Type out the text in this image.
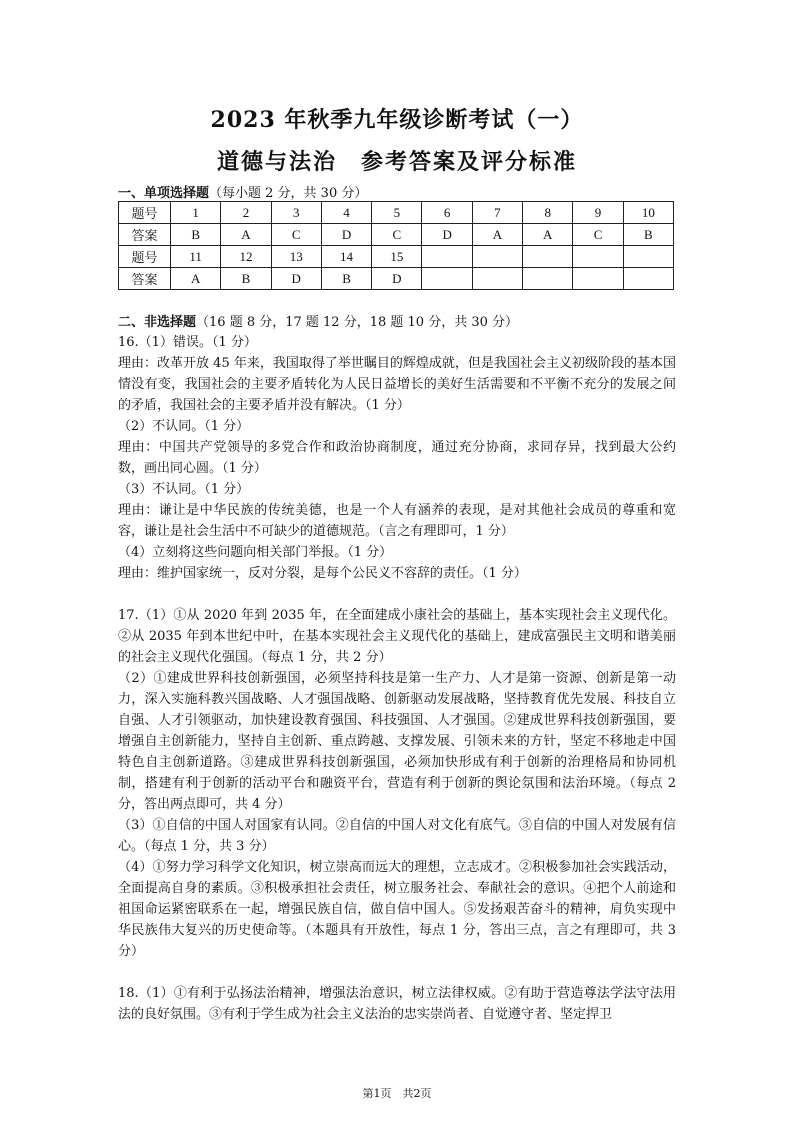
2023 年秋季九年级诊断考试（一）
道德与法治　参考答案及评分标准
一、单项选择题（每小题 2 分，共 30 分）
题号	1	2	3	4	5	6	7	8	9	10
答案	B	A	C	D	C	D	A	A	C	B
题号	11	12	13	14	15					
答案	A	B	D	B	D					
二、非选择题（16 题 8 分，17 题 12 分，18 题 10 分，共 30 分）

16.（1）错误。（1 分）

理由：改革开放 45 年来，我国取得了举世瞩目的辉煌成就，但是我国社会主义初级阶段的基本国情没有变，我国社会的主要矛盾转化为人民日益增长的美好生活需要和不平衡不充分的发展之间的矛盾，我国社会的主要矛盾并没有解决。（1 分）

（2）不认同。（1 分）

理由：中国共产党领导的多党合作和政治协商制度，通过充分协商，求同存异，找到最大公约数，画出同心圆。（1 分）

（3）不认同。（1 分）

理由：谦让是中华民族的传统美德，也是一个人有涵养的表现，是对其他社会成员的尊重和宽容，谦让是社会生活中不可缺少的道德规范。（言之有理即可，1 分）

（4）立刻将这些问题向相关部门举报。（1 分）

理由：维护国家统一，反对分裂，是每个公民义不容辞的责任。（1 分）

17.（1）①从 2020 年到 2035 年，在全面建成小康社会的基础上，基本实现社会主义现代化。②从 2035 年到本世纪中叶，在基本实现社会主义现代化的基础上，建成富强民主文明和谐美丽的社会主义现代化强国。（每点 1 分，共 2 分）

（2）①建成世界科技创新强国，必须坚持科技是第一生产力、人才是第一资源、创新是第一动力，深入实施科教兴国战略、人才强国战略、创新驱动发展战略，坚持教育优先发展、科技自立自强、人才引领驱动，加快建设教育强国、科技强国、人才强国。②建成世界科技创新强国，要增强自主创新能力，坚持自主创新、重点跨越、支撑发展、引领未来的方针，坚定不移地走中国特色自主创新道路。③建成世界科技创新强国，必须加快形成有利于创新的治理格局和协同机制，搭建有利于创新的活动平台和融资平台，营造有利于创新的舆论氛围和法治环境。（每点 2 分，答出两点即可，共 4 分）

（3）①自信的中国人对国家有认同。②自信的中国人对文化有底气。③自信的中国人对发展有信心。（每点 1 分，共 3 分）

（4）①努力学习科学文化知识，树立崇高而远大的理想，立志成才。②积极参加社会实践活动，全面提高自身的素质。③积极承担社会责任，树立服务社会、奉献社会的意识。④把个人前途和祖国命运紧密联系在一起，增强民族自信，做自信中国人。⑤发扬艰苦奋斗的精神，肩负实现中华民族伟大复兴的历史使命等。（本题具有开放性，每点 1 分，答出三点，言之有理即可，共 3 分）

18.（1）①有利于弘扬法治精神，增强法治意识，树立法律权威。②有助于营造尊法学法守法用法的良好氛围。③有利于学生成为社会主义法治的忠实崇尚者、自觉遵守者、坚定捍卫

第1页　共2页
